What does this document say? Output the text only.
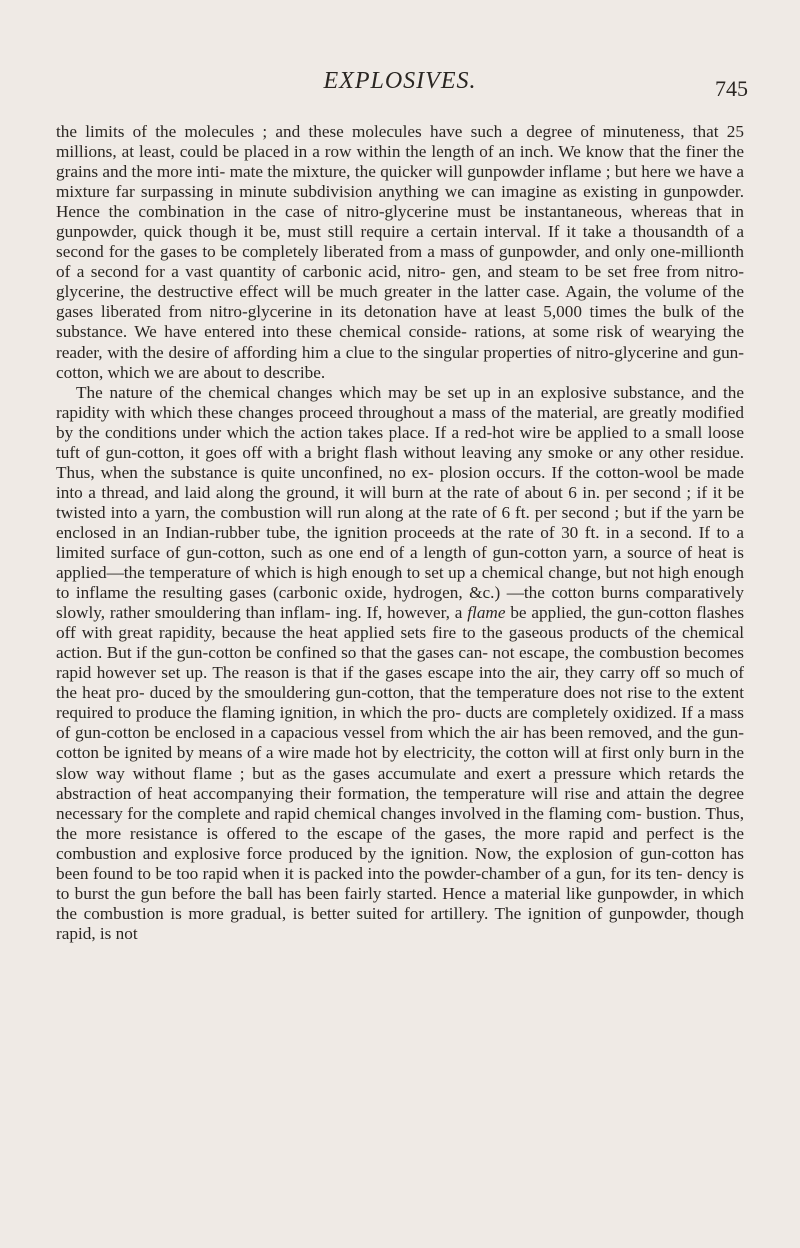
EXPLOSIVES.	745

the limits of the molecules ; and these molecules have such a degree of minuteness, that 25 millions, at least, could be placed in a row within the length of an inch. We know that the finer the grains and the more inti- mate the mixture, the quicker will gunpowder inflame ; but here we have a mixture far surpassing in minute subdivision anything we can imagine as existing in gunpowder. Hence the combination in the case of nitro-glycerine must be instantaneous, whereas that in gunpowder, quick though it be, must still require a certain interval. If it take a thousandth of a second for the gases to be completely liberated from a mass of gunpowder, and only one-millionth of a second for a vast quantity of carbonic acid, nitro- gen, and steam to be set free from nitro-glycerine, the destructive effect will be much greater in the latter case. Again, the volume of the gases liberated from nitro-glycerine in its detonation have at least 5,000 times the bulk of the substance. We have entered into these chemical conside- rations, at some risk of wearying the reader, with the desire of affording him a clue to the singular properties of nitro-glycerine and gun-cotton, which we are about to describe.

The nature of the chemical changes which may be set up in an explosive substance, and the rapidity with which these changes proceed throughout a mass of the material, are greatly modified by the conditions under which the action takes place. If a red-hot wire be applied to a small loose tuft of gun-cotton, it goes off with a bright flash without leaving any smoke or any other residue. Thus, when the substance is quite unconfined, no ex- plosion occurs. If the cotton-wool be made into a thread, and laid along the ground, it will burn at the rate of about 6 in. per second ; if it be twisted into a yarn, the combustion will run along at the rate of 6 ft. per second ; but if the yarn be enclosed in an Indian-rubber tube, the ignition proceeds at the rate of 30 ft. in a second. If to a limited surface of gun-cotton, such as one end of a length of gun-cotton yarn, a source of heat is applied—the temperature of which is high enough to set up a chemical change, but not high enough to inflame the resulting gases (carbonic oxide, hydrogen, &c.) —the cotton burns comparatively slowly, rather smouldering than inflam- ing. If, however, a flame be applied, the gun-cotton flashes off with great rapidity, because the heat applied sets fire to the gaseous products of the chemical action. But if the gun-cotton be confined so that the gases can- not escape, the combustion becomes rapid however set up. The reason is that if the gases escape into the air, they carry off so much of the heat pro- duced by the smouldering gun-cotton, that the temperature does not rise to the extent required to produce the flaming ignition, in which the pro- ducts are completely oxidized. If a mass of gun-cotton be enclosed in a capacious vessel from which the air has been removed, and the gun-cotton be ignited by means of a wire made hot by electricity, the cotton will at first only burn in the slow way without flame ; but as the gases accumulate and exert a pressure which retards the abstraction of heat accompanying their formation, the temperature will rise and attain the degree necessary for the complete and rapid chemical changes involved in the flaming com- bustion. Thus, the more resistance is offered to the escape of the gases, the more rapid and perfect is the combustion and explosive force produced by the ignition. Now, the explosion of gun-cotton has been found to be too rapid when it is packed into the powder-chamber of a gun, for its ten- dency is to burst the gun before the ball has been fairly started. Hence a material like gunpowder, in which the combustion is more gradual, is better suited for artillery. The ignition of gunpowder, though rapid, is not
